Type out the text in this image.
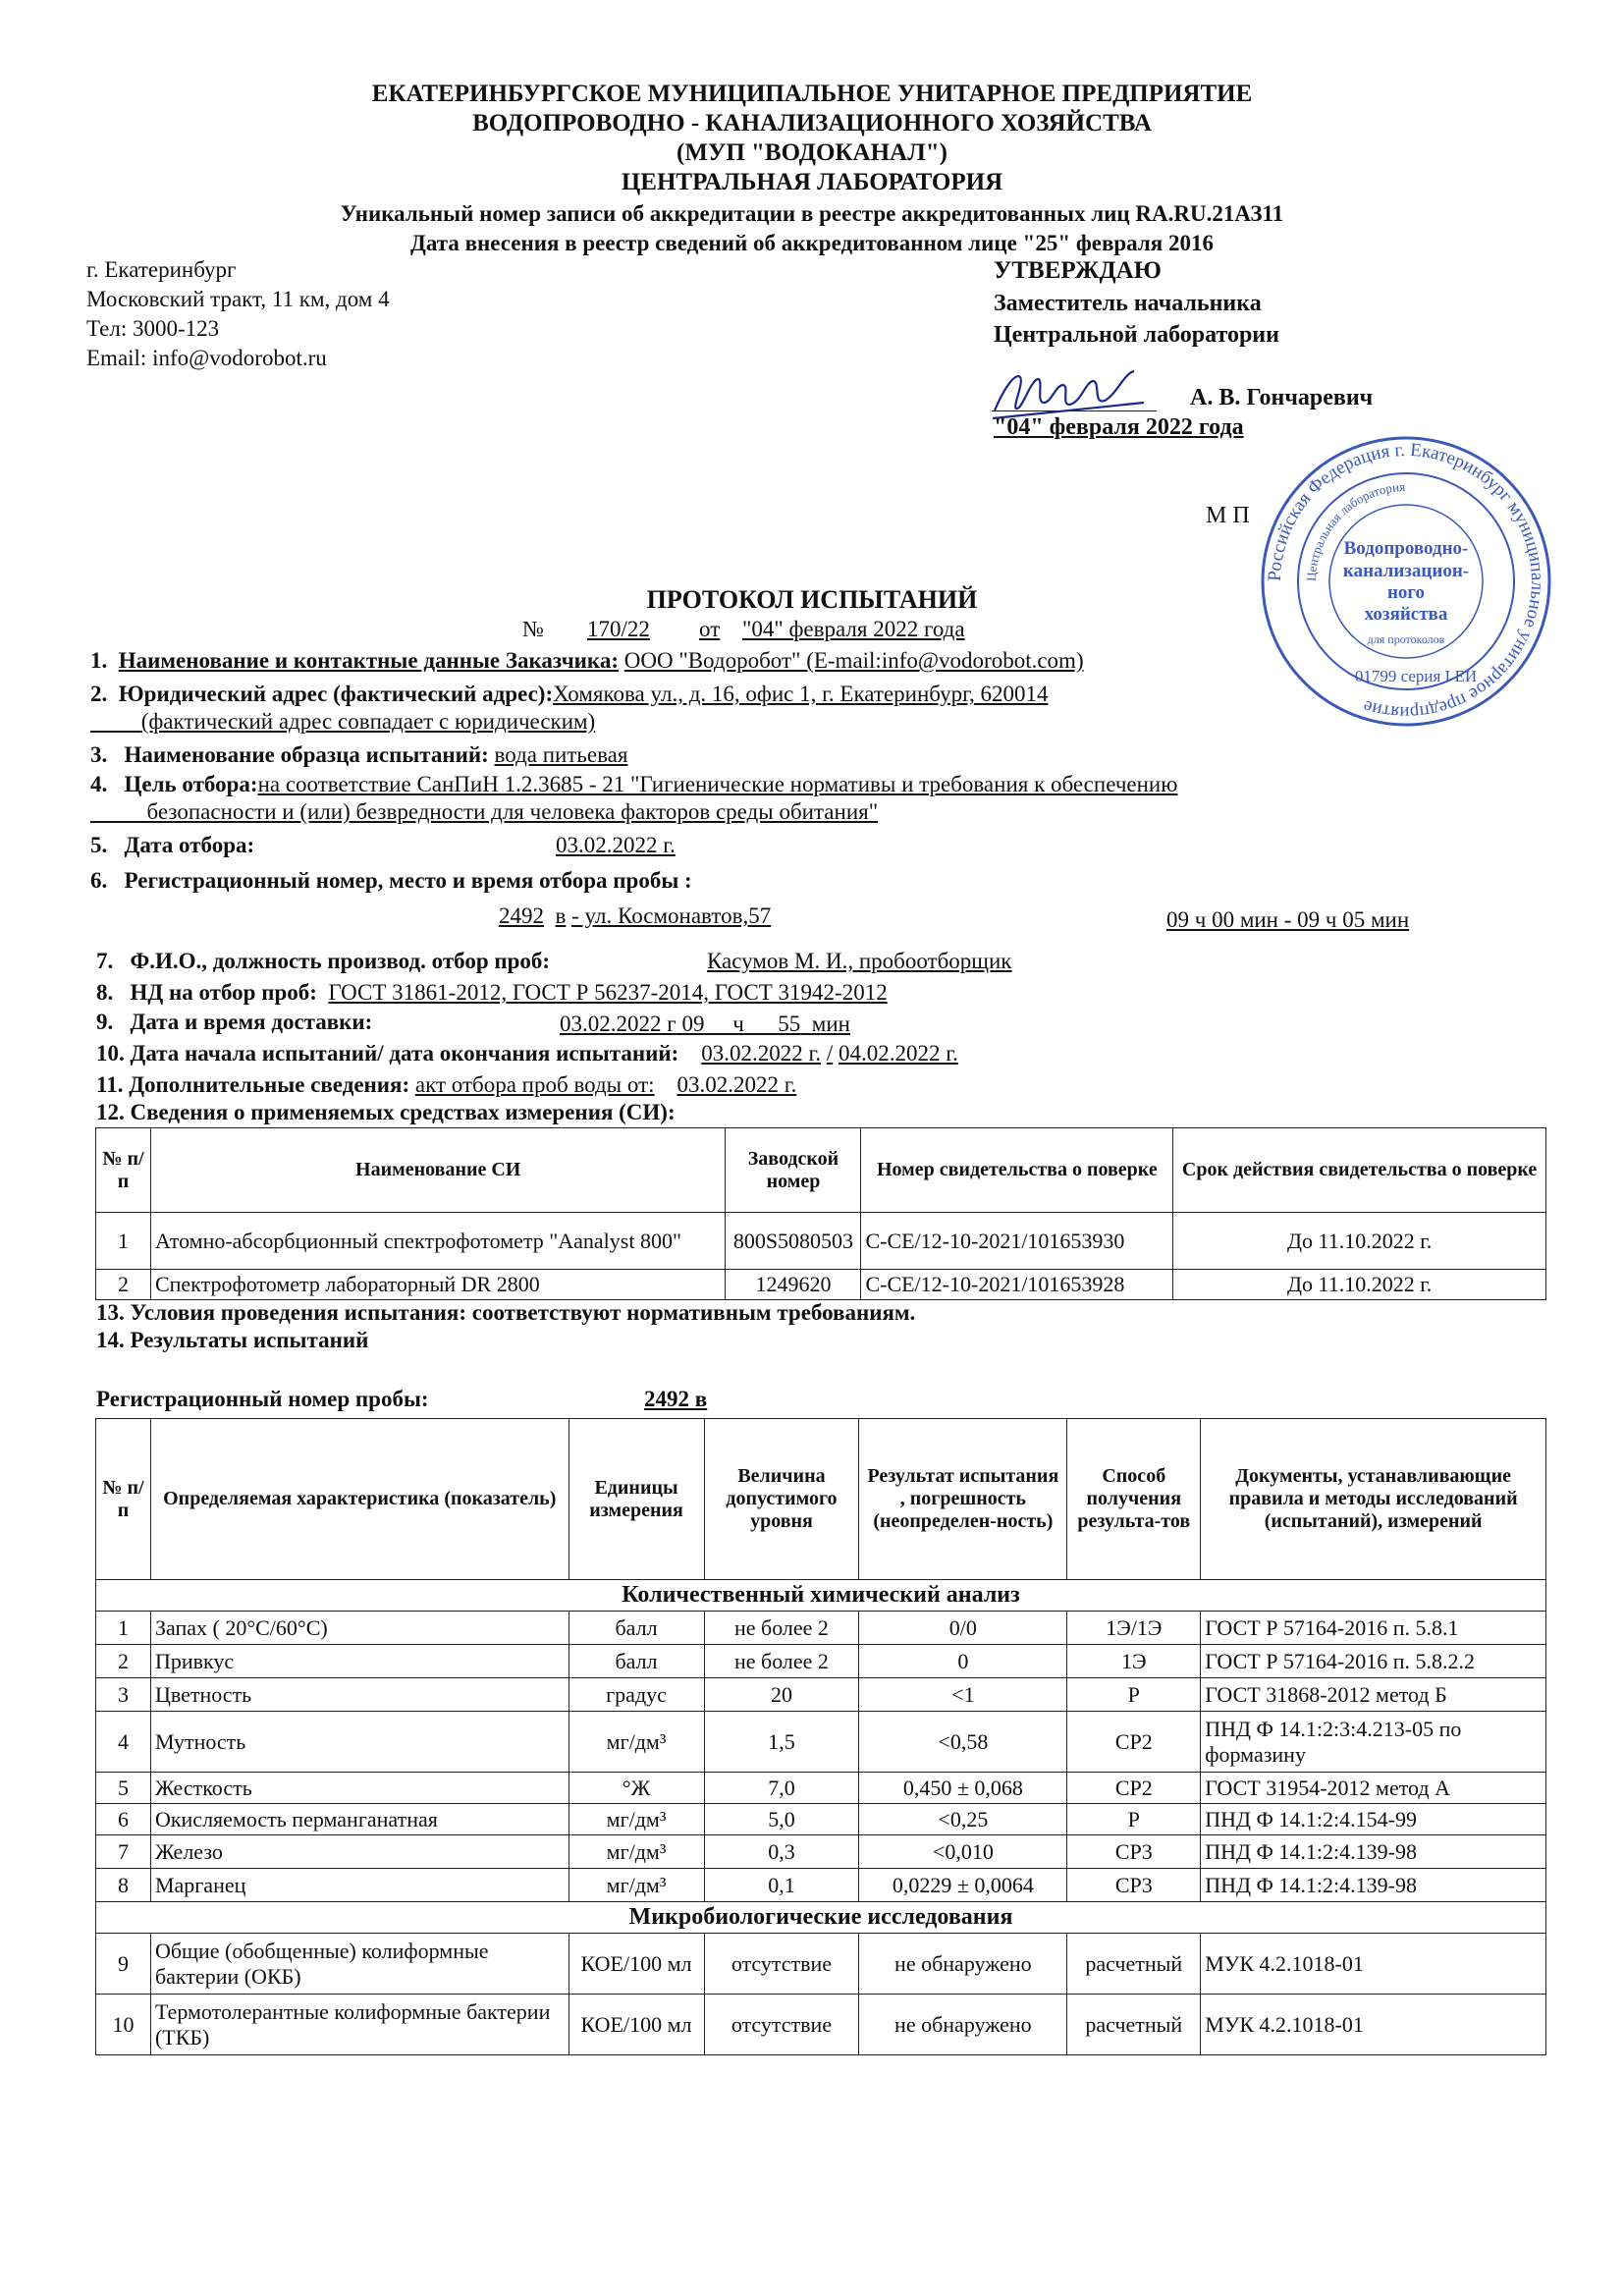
ЕКАТЕРИНБУРГСКОЕ МУНИЦИПАЛЬНОЕ УНИТАРНОЕ ПРЕДПРИЯТИЕ
ВОДОПРОВОДНО - КАНАЛИЗАЦИОННОГО ХОЗЯЙСТВА
(МУП "ВОДОКАНАЛ")
ЦЕНТРАЛЬНАЯ ЛАБОРАТОРИЯ
Уникальный номер записи об аккредитации в реестре аккредитованных лиц RA.RU.21АЗ11
Дата внесения в реестр сведений об аккредитованном лице "25" февраля 2016
г. Екатеринбург
Московский тракт, 11 км, дом 4
Тел: 3000-123
Email: info@vodorobot.ru
УТВЕРЖДАЮ
Заместитель начальника
Центральной лаборатории
А. В. Гончаревич
"04" февраля 2022 года
М П
Российская Федерация г. Екатеринбург муниципальное унитарное предприятие
Центральная лаборатория
Водопроводно-
канализацион-
ного
хозяйства
для протоколов
01799 серия I ЕИ
ПРОТОКОЛ ИСПЫТАНИЙ
№ 170/22 от "04" февраля 2022 года
1. Наименование и контактные данные Заказчика: ООО "Водоробот" (E-mail:info@vodorobot.com)
2. Юридический адрес (фактический адрес):Хомякова ул., д. 16, офис 1, г. Екатеринбург, 620014
(фактический адрес совпадает с юридическим)
3. Наименование образца испытаний: вода питьевая
4. Цель отбора:на соответствие СанПиН 1.2.3685 - 21 "Гигиенические нормативы и требования к обеспечению
безопасности и (или) безвредности для человека факторов среды обитания"
5. Дата отбора:	03.02.2022 г.
6. Регистрационный номер, место и время отбора пробы :
2492 в - ул. Космонавтов,57	09 ч 00 мин - 09 ч 05 мин
7. Ф.И.О., должность производ. отбор проб:	Касумов М. И., пробоотборщик
8. НД на отбор проб: ГОСТ 31861-2012, ГОСТ Р 56237-2014, ГОСТ 31942-2012
9. Дата и время доставки:	03.02.2022 г 09 ч 55 мин
10. Дата начала испытаний/ дата окончания испытаний: 03.02.2022 г. / 04.02.2022 г.
11. Дополнительные сведения: акт отбора проб воды от: 03.02.2022 г.
12. Сведения о применяемых средствах измерения (СИ):
№ п/п	Наименование СИ	Заводской номер	Номер свидетельства о поверке	Срок действия свидетельства о поверке
1	Атомно-абсорбционный спектрофотометр "Aanalyst 800"	800S5080503	С-СЕ/12-10-2021/101653930	До 11.10.2022 г.
2	Спектрофотометр лабораторный DR 2800	1249620	С-СЕ/12-10-2021/101653928	До 11.10.2022 г.
13. Условия проведения испытания: соответствуют нормативным требованиям.
14. Результаты испытаний
Регистрационный номер пробы:	2492 в
№ п/п	Определяемая характеристика (показатель)	Единицы измерения	Величина допустимого уровня	Результат испытания , погрешность (неопределен-ность)	Способ получения результа-тов	Документы, устанавливающие правила и методы исследований (испытаний), измерений
Количественный химический анализ						
1	Запах ( 20°С/60°С)	балл	не более 2	0/0	1Э/1Э	ГОСТ Р 57164-2016 п. 5.8.1
2	Привкус	балл	не более 2	0	1Э	ГОСТ Р 57164-2016 п. 5.8.2.2
3	Цветность	градус	20	<1	Р	ГОСТ 31868-2012 метод Б
4	Мутность	мг/дм³	1,5	<0,58	СР2	ПНД Ф 14.1:2:3:4.213-05 по формазину
5	Жесткость	°Ж	7,0	0,450 ± 0,068	СР2	ГОСТ 31954-2012 метод А
6	Окисляемость перманганатная	мг/дм³	5,0	<0,25	Р	ПНД Ф 14.1:2:4.154-99
7	Железо	мг/дм³	0,3	<0,010	СР3	ПНД Ф 14.1:2:4.139-98
8	Марганец	мг/дм³	0,1	0,0229 ± 0,0064	СР3	ПНД Ф 14.1:2:4.139-98
Микробиологические исследования						
9	Общие (обобщенные) колиформные бактерии (ОКБ)	КОЕ/100 мл	отсутствие	не обнаружено	расчетный	МУК 4.2.1018-01
10	Термотолерантные колиформные бактерии (ТКБ)	КОЕ/100 мл	отсутствие	не обнаружено	расчетный	МУК 4.2.1018-01
